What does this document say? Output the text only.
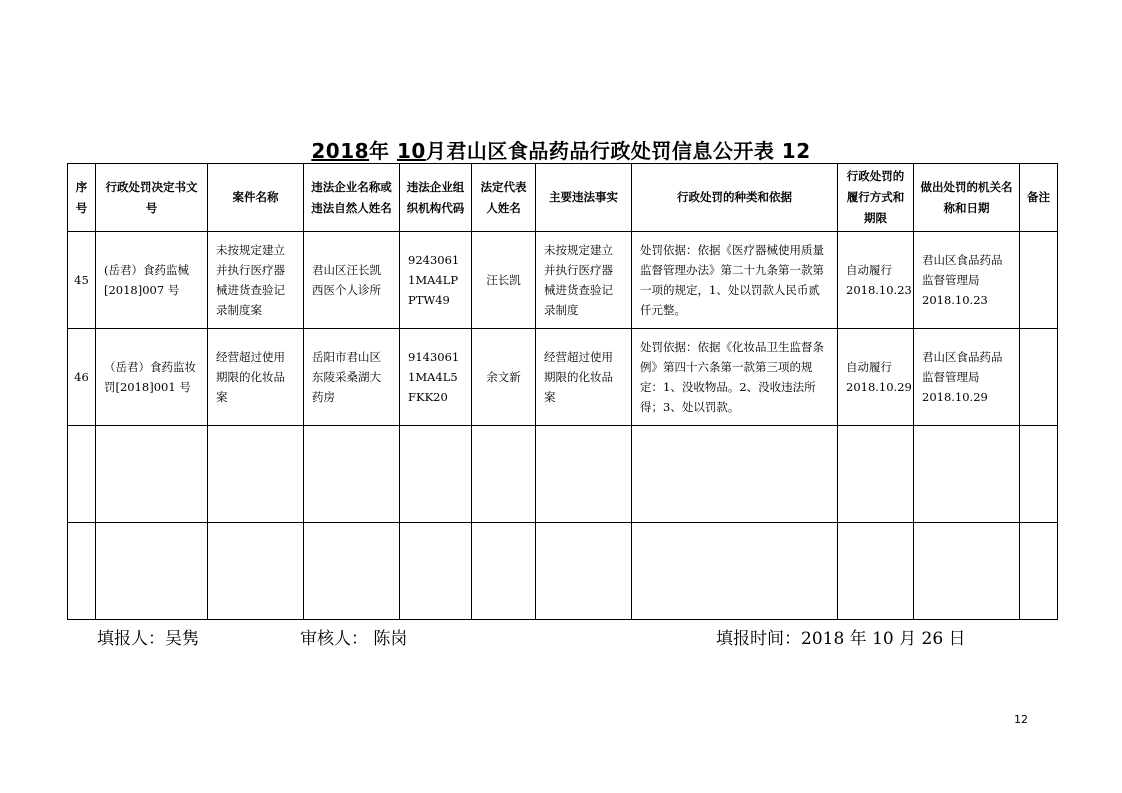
2018年 10月君山区食品药品行政处罚信息公开表 12
序号	行政处罚决定书文号	案件名称	违法企业名称或违法自然人姓名	违法企业组织机构代码	法定代表人姓名	主要违法事实	行政处罚的种类和依据	行政处罚的履行方式和期限	做出处罚的机关名称和日期	备注
45	(岳君）食药监械[2018]007 号	未按规定建立并执行医疗器械进货查验记录制度案	君山区汪长凯西医个人诊所	92430611MA4LPPTW49	汪长凯	未按规定建立并执行医疗器械进货查验记录制度	处罚依据：依据《医疗器械使用质量监督管理办法》第二十九条第一款第一项的规定，1、处以罚款人民币贰仟元整。	自动履行 2018.10.23	君山区食品药品监督管理局 2018.10.23	
46	（岳君）食药监妆罚[2018]001 号	经营超过使用期限的化妆品案	岳阳市君山区东陵采桑湖大药房	91430611MA4L5FKK20	余文新	经营超过使用期限的化妆品案	处罚依据：依据《化妆品卫生监督条例》第四十六条第一款第三项的规定：1、没收物品。2、没收违法所得；3、处以罚款。	自动履行 2018.10.29	君山区食品药品监督管理局 2018.10.29	

填报人：吴隽	审核人： 陈岗	填报时间：2018 年 10 月 26 日
12
